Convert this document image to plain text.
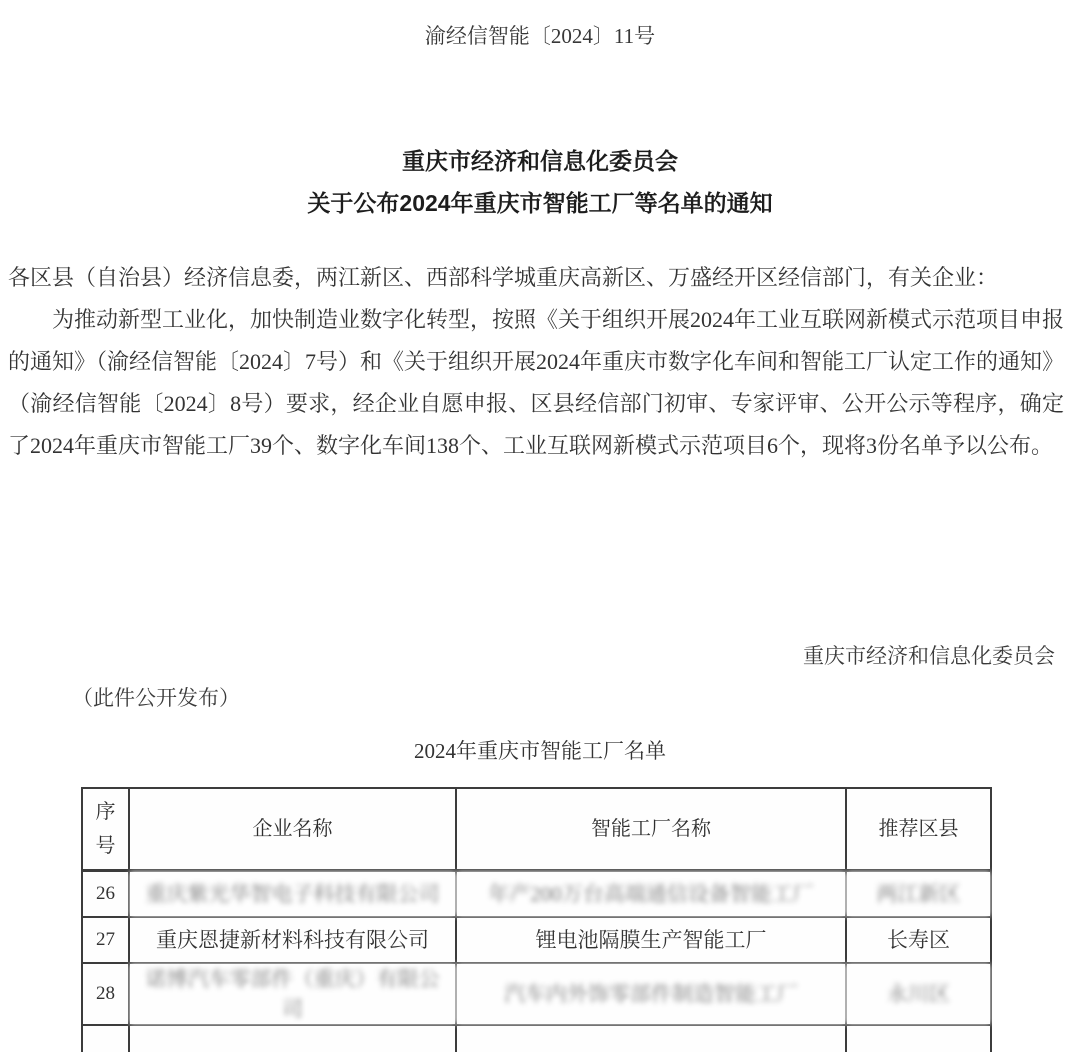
渝经信智能〔2024〕11号
重庆市经济和信息化委员会
关于公布2024年重庆市智能工厂等名单的通知

各区县（自治县）经济信息委，两江新区、西部科学城重庆高新区、万盛经开区经信部门，有关企业：

为推动新型工业化，加快制造业数字化转型，按照《关于组织开展2024年工业互联网新模式示范项目申报的通知》（渝经信智能〔2024〕7号）和《关于组织开展2024年重庆市数字化车间和智能工厂认定工作的通知》（渝经信智能〔2024〕8号）要求，经企业自愿申报、区县经信部门初审、专家评审、公开公示等程序，确定了2024年重庆市智能工厂39个、数字化车间138个、工业互联网新模式示范项目6个，现将3份名单予以公布。

重庆市经济和信息化委员会
（此件公开发布）
2024年重庆市智能工厂名单
序号	企业名称	智能工厂名称	推荐区县
26	重庆紫光华智电子科技有限公司	年产200万台高端通信设备智能工厂	两江新区
27	重庆恩捷新材料科技有限公司	锂电池隔膜生产智能工厂	长寿区
28	诺博汽车零部件（重庆）有限公司	汽车内外饰零部件制造智能工厂	永川区
